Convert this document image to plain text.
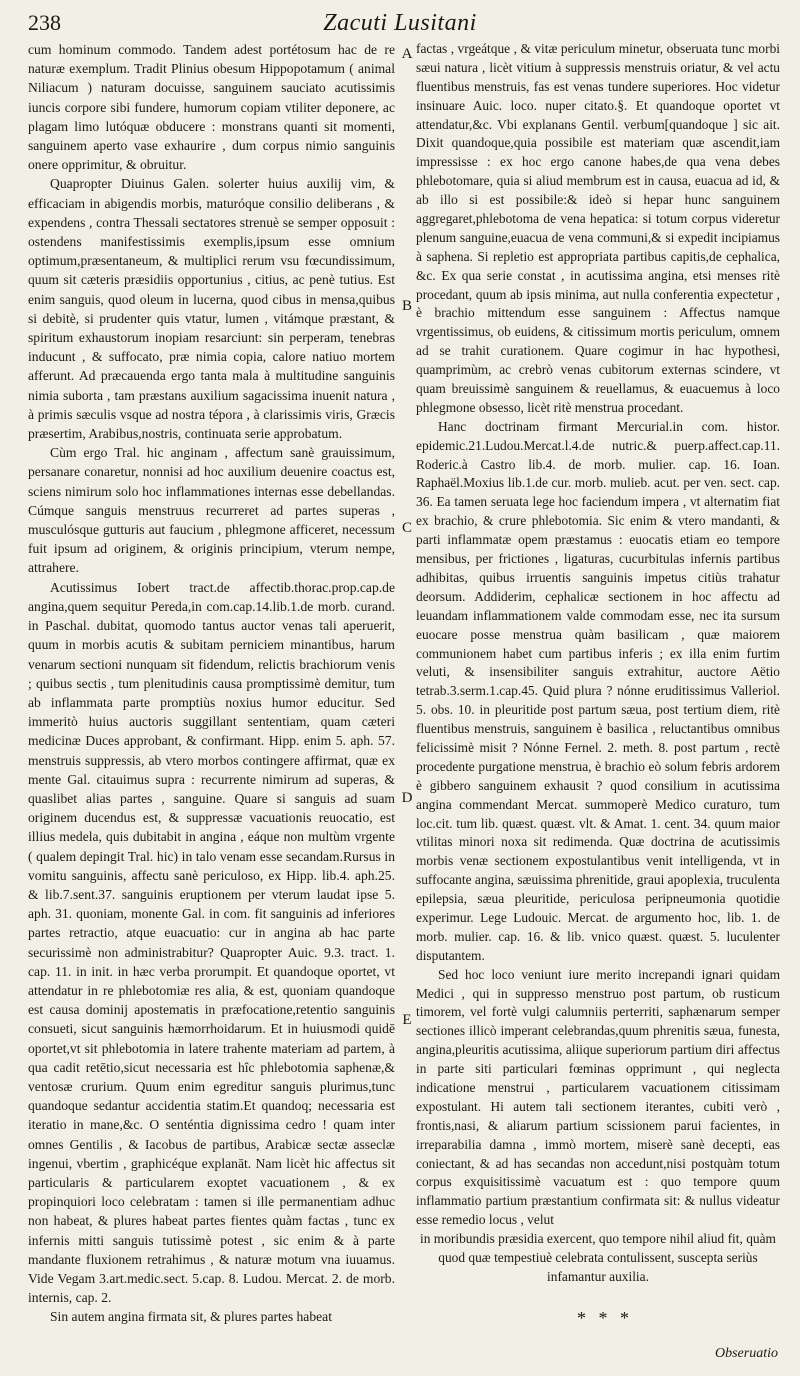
238	Zacuti Lusitani

cum hominum commodo. Tandem adest portétosum hac de re naturæ exemplum. Tradit Plinius obesum Hippopotamum ( animal Niliacum ) naturam docuisse, sanguinem sauciato acutissimis iuncis corpore sibi fundere, humorum copiam vtiliter deponere, ac plagam limo lutóquæ obducere : monstrans quanti sit momenti, sanguinem aperto vase exhaurire , dum corpus nimio sanguinis onere opprimitur, & obruitur.

Quapropter Diuinus Galen. solerter huius auxilij vim, & efficaciam in abigendis morbis, maturóque consilio deliberans , & expendens , contra Thessali sectatores strenuè se semper opposuit : ostendens manifestissimis exemplis,ipsum esse omnium optimum,præsentaneum, & multiplici rerum vsu fœcundissimum, quum sit cæteris præsidiis opportunius , citius, ac penè tutius. Est enim sanguis, quod oleum in lucerna, quod cibus in mensa,quibus si debitè, si prudenter quis vtatur, lumen , vitámque præstant, & spiritum exhaustorum inopiam resarciunt: sin perperam, tenebras inducunt , & suffocato, præ nimia copia, calore natiuo mortem afferunt. Ad præcauenda ergo tanta mala à multitudine sanguinis nimia suborta , tam præstans auxilium sagacissima inuenit natura , à primis sæculis vsque ad nostra tépora , à clarissimis viris, Græcis præsertim, Arabibus,nostris, continuata serie approbatum.

Cùm ergo Tral. hic anginam , affectum sanè grauissimum, persanare conaretur, nonnisi ad hoc auxilium deuenire coactus est, sciens nimirum solo hoc inflammationes internas esse debellandas. Cúmque sanguis menstruus recurreret ad partes superas , musculósque gutturis aut faucium , phlegmone afficeret, necessum fuit ipsum ad originem, & originis principium, vterum nempe, attrahere.

Acutissimus Iobert tract.de affectib.thorac.prop.cap.de angina,quem sequitur Pereda,in com.cap.14.lib.1.de morb. curand. in Paschal. dubitat, quomodo tantus auctor venas tali aperuerit, quum in morbis acutis & subitam perniciem minantibus, harum venarum sectioni nunquam sit fidendum, relictis brachiorum venis ; quibus sectis , tum plenitudinis causa promptissimè demitur, tum ab inflammata parte promptiùs noxius humor educitur. Sed immeritò huius auctoris suggillant sententiam, quam cæteri medicinæ Duces approbant, & confirmant. Hipp. enim 5. aph. 57. menstruis suppressis, ab vtero morbos contingere affirmat, quæ ex mente Gal. citauimus supra : recurrente nimirum ad superas, & quaslibet alias partes , sanguine. Quare si sanguis ad suam originem ducendus est, & suppressæ vacuationis reuocatio, est illius medela, quis dubitabit in angina , eáque non multùm vrgente ( qualem depingit Tral. hic) in talo venam esse secandam.Rursus in vomitu sanguinis, affectu sanè periculoso, ex Hipp. lib.4. aph.25. & lib.7.sent.37. sanguinis eruptionem per vterum laudat ipse 5. aph. 31. quoniam, monente Gal. in com. fit sanguinis ad inferiores partes retractio, atque euacuatio: cur in angina ab hac parte securissimè non administrabitur? Quapropter Auic. 9.3. tract. 1. cap. 11. in init. in hæc verba prorumpit. Et quandoque oportet, vt attendatur in re phlebotomiæ res alia, & est, quoniam quandoque est causa dominij apostematis in præfocatione,retentio sanguinis consueti, sicut sanguinis hæmorrhoidarum. Et in huiusmodi quidē oportet,vt sit phlebotomia in latere trahente materiam ad partem, à qua cadit retētio,sicut necessaria est hîc phlebotomia saphenæ,& ventosæ crurium. Quum enim egreditur sanguis plurimus,tunc quandoque sedantur accidentia statim.Et quandoq; necessaria est iteratio in mane,&c. O senténtia dignissima cedro ! quam inter omnes Gentilis , & Iacobus de partibus, Arabicæ sectæ asseclæ ingenui, vbertim , graphicéque explanāt. Nam licèt hic affectus sit particularis & particularem exoptet vacuationem , & ex propinquiori loco celebratam : tamen si ille permanentiam adhuc non habeat, & plures habeat partes fientes quàm factas , tunc ex infernis mitti sanguis tutissimè potest , sic enim & à parte mandante fluxionem retrahimus , & naturæ motum vna iuuamus. Vide Vegam 3.art.medic.sect. 5.cap. 8. Ludou. Mercat. 2. de morb. internis, cap. 2.

Sin autem angina firmata sit, & plures partes habeat

A
B
C
D
E

factas , vrgeátque , & vitæ periculum minetur, obseruata tunc morbi sæui natura , licèt vitium à suppressis menstruis oriatur, & vel actu fluentibus menstruis, fas est venas tundere superiores. Hoc videtur insinuare Auic. loco. nuper citato.§. Et quandoque oportet vt attendatur,&c. Vbi explanans Gentil. verbum[quandoque ] sic ait. Dixit quandoque,quia possibile est materiam quæ ascendit,iam impressisse : ex hoc ergo canone habes,de qua vena debes phlebotomare, quia si aliud membrum est in causa, euacua ad id, & ab illo si est possibile:& ideò si hepar hunc sanguinem aggregaret,phlebotoma de vena hepatica: si totum corpus videretur plenum sanguine,euacua de vena communi,& si expedit incipiamus à saphena. Si repletio est appropriata partibus capitis,de cephalica, &c. Ex qua serie constat , in acutissima angina, etsi menses ritè procedant, quum ab ipsis minima, aut nulla conferentia expectetur , è brachio mittendum esse sanguinem : Affectus namque vrgentissimus, ob euidens, & citissimum mortis periculum, omnem ad se trahit curationem. Quare cogimur in hac hypothesi, quamprimùm, ac crebrò venas cubitorum externas scindere, vt quam breuissimè sanguinem & reuellamus, & euacuemus à loco phlegmone obsesso, licèt ritè menstrua procedant.

Hanc doctrinam firmant Mercurial.in com. histor. epidemic.21.Ludou.Mercat.l.4.de nutric.& puerp.affect.cap.11. Roderic.à Castro lib.4. de morb. mulier. cap. 16. Ioan. Raphaël.Moxius lib.1.de cur. morb. mulieb. acut. per ven. sect. cap. 36. Ea tamen seruata lege hoc faciendum impera , vt alternatim fiat ex brachio, & crure phlebotomia. Sic enim & vtero mandanti, & parti inflammatæ opem præstamus : euocatis etiam eo tempore mensibus, per frictiones , ligaturas, cucurbitulas infernis partibus adhibitas, quibus irruentis sanguinis impetus citiùs trahatur deorsum. Addiderim, cephalicæ sectionem in hoc affectu ad leuandam inflammationem valde commodam esse, nec ita sursum euocare posse menstrua quàm basilicam , quæ maiorem communionem habet cum partibus inferis ; ex illa enim furtim veluti, & insensibiliter sanguis extrahitur, auctore Aëtio tetrab.3.serm.1.cap.45. Quid plura ? nónne eruditissimus Valleriol. 5. obs. 10. in pleuritide post partum sæua, post tertium diem, ritè fluentibus menstruis, sanguinem è basilica , reluctantibus omnibus felicissimè misit ? Nónne Fernel. 2. meth. 8. post partum , rectè procedente purgatione menstrua, è brachio eò solum febris ardorem è gibbero sanguinem exhausit ? quod consilium in acutissima angina commendant Mercat. summoperè Medico curaturo, tum loc.cit. tum lib. quæst. quæst. vlt. & Amat. 1. cent. 34. quum maior vtilitas minori noxa sit redimenda. Quæ doctrina de acutissimis morbis venæ sectionem expostulantibus venit intelligenda, vt in suffocante angina, sæuissima phrenitide, graui apoplexia, truculenta epilepsia, sæua pleuritide, periculosa peripneumonia quotidie experimur. Lege Ludouic. Mercat. de argumento hoc, lib. 1. de morb. mulier. cap. 16. & lib. vnico quæst. quæst. 5. luculenter disputantem.

Sed hoc loco veniunt iure merito increpandi ignari quidam Medici , qui in suppresso menstruo post partum, ob rusticum timorem, vel fortè vulgi calumniis perterriti, saphænarum semper sectiones illicò imperant celebrandas,quum phrenitis sæua, funesta, angina,pleuritis acutissima, aliique superiorum partium diri affectus in parte siti particulari fœminas opprimunt , qui neglecta indicatione menstrui , particularem vacuationem citissimam expostulant. Hi autem tali sectionem iterantes, cubiti verò , frontis,nasi, & aliarum partium scissionem parui facientes, in irreparabilia damna , immò mortem, miserè sanè decepti, eas coniectant, & ad has secandas non accedunt,nisi postquàm totum corpus exquisitissimè vacuatum est : quo tempore quum inflammatio partium præstantium confirmata sit: & nullus videatur esse remedio locus , velut

in moribundis præsidia exercent, quo tempore nihil aliud fit, quàm quod quæ tempestiuè celebrata contulissent, suscepta seriùs infamantur auxilia.

* * *
Obseruatio
